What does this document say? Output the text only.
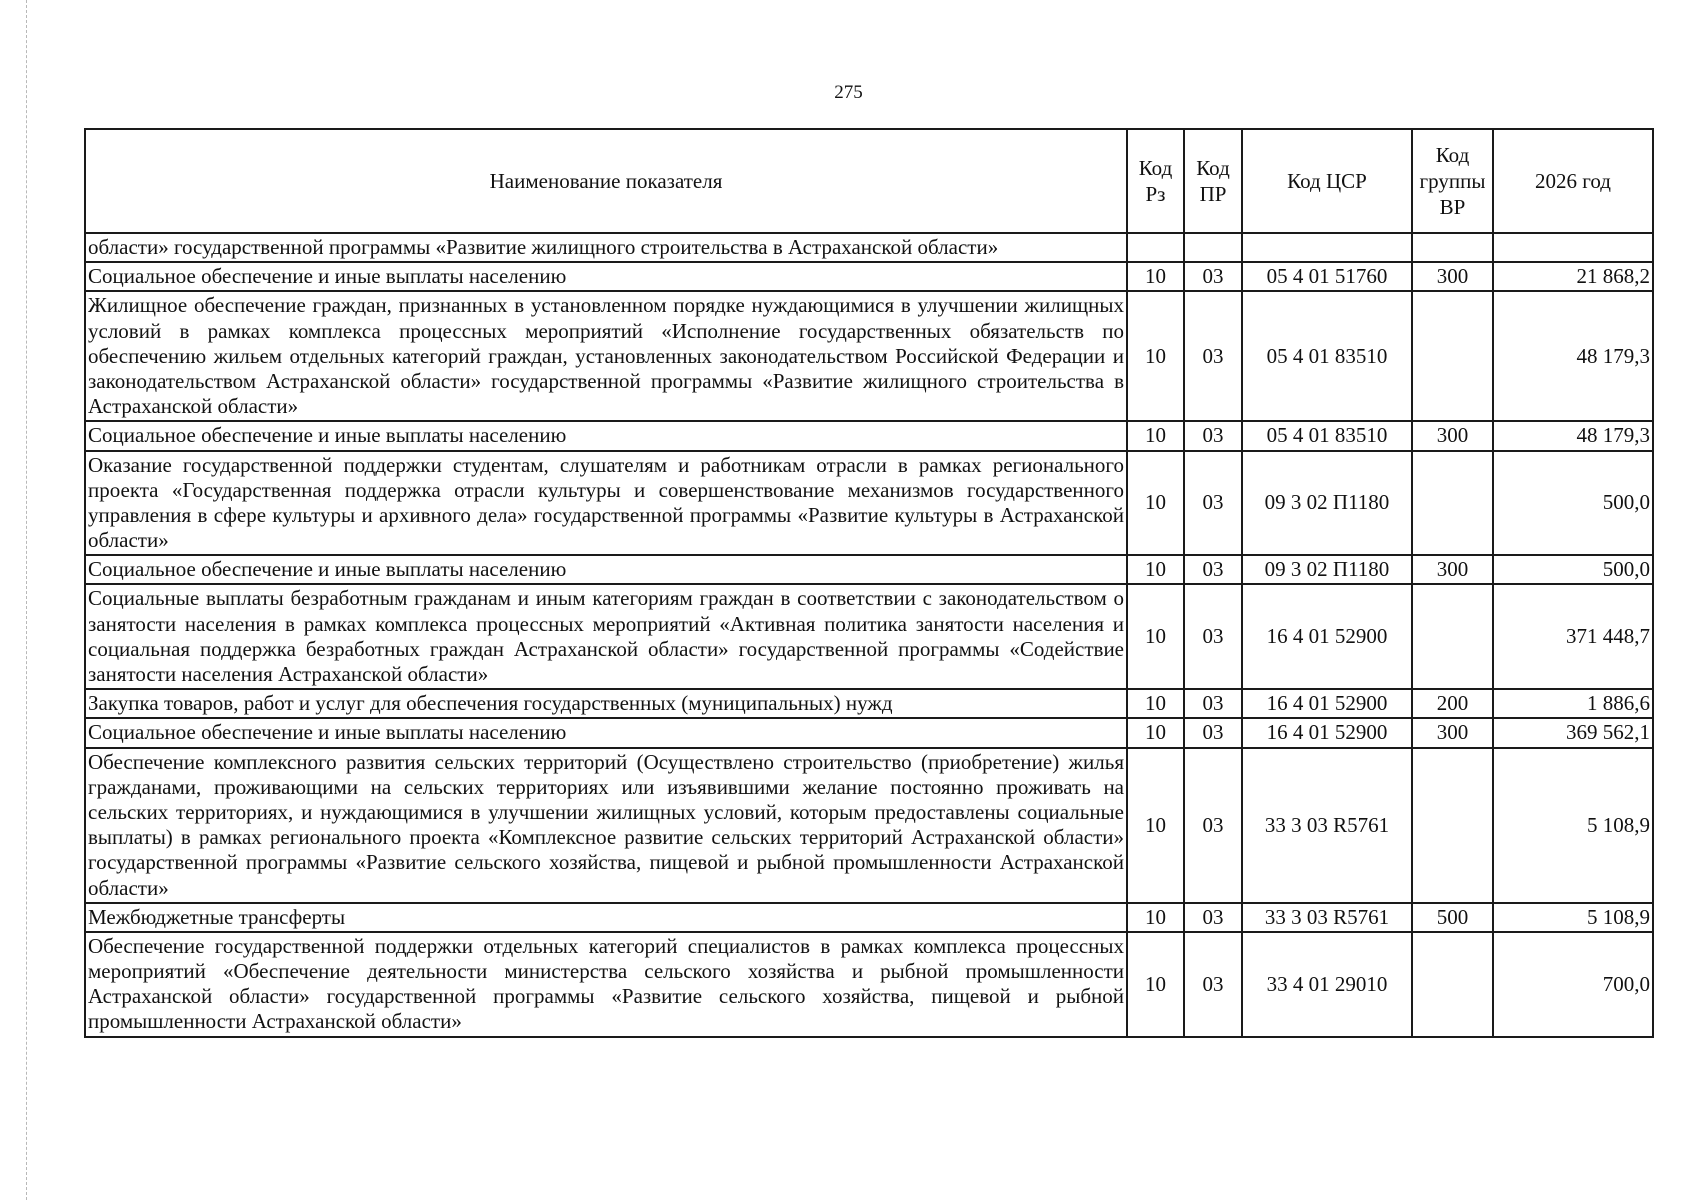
275
Наименование показателя	Код Рз	Код ПР	Код ЦСР	Код группы ВР	2026 год
области» государственной программы «Развитие жилищного строительства в Астраханской области»					
Социальное обеспечение и иные выплаты населению	10	03	05 4 01 51760	300	21 868,2
Жилищное обеспечение граждан, признанных в установленном порядке нуждающимися в улучшении жилищных условий в рамках комплекса процессных мероприятий «Исполнение государственных обязательств по обеспечению жильем отдельных категорий граждан, установленных законодательством Российской Федерации и законодательством Астраханской области» государственной программы «Развитие жилищного строительства в Астраханской области»	10	03	05 4 01 83510		48 179,3
Социальное обеспечение и иные выплаты населению	10	03	05 4 01 83510	300	48 179,3
Оказание государственной поддержки студентам, слушателям и работникам отрасли в рамках регионального проекта «Государственная поддержка отрасли культуры и совершенствование механизмов государственного управления в сфере культуры и архивного дела» государственной программы «Развитие культуры в Астраханской области»	10	03	09 3 02 П1180		500,0
Социальное обеспечение и иные выплаты населению	10	03	09 3 02 П1180	300	500,0
Социальные выплаты безработным гражданам и иным категориям граждан в соответствии с законодательством о занятости населения в рамках комплекса процессных мероприятий «Активная политика занятости населения и социальная поддержка безработных граждан Астраханской области» государственной программы «Содействие занятости населения Астраханской области»	10	03	16 4 01 52900		371 448,7
Закупка товаров, работ и услуг для обеспечения государственных (муниципальных) нужд	10	03	16 4 01 52900	200	1 886,6
Социальное обеспечение и иные выплаты населению	10	03	16 4 01 52900	300	369 562,1
Обеспечение комплексного развития сельских территорий (Осуществлено строительство (приобретение) жилья гражданами, проживающими на сельских территориях или изъявившими желание постоянно проживать на сельских территориях, и нуждающимися в улучшении жилищных условий, которым предоставлены социальные выплаты) в рамках регионального проекта «Комплексное развитие сельских территорий Астраханской области» государственной программы «Развитие сельского хозяйства, пищевой и рыбной промышленности Астраханской области»	10	03	33 3 03 R5761		5 108,9
Межбюджетные трансферты	10	03	33 3 03 R5761	500	5 108,9
Обеспечение государственной поддержки отдельных категорий специалистов в рамках комплекса процессных мероприятий «Обеспечение деятельности министерства сельского хозяйства и рыбной промышленности Астраханской области» государственной программы «Развитие сельского хозяйства, пищевой и рыбной промышленности Астраханской области»	10	03	33 4 01 29010		700,0
